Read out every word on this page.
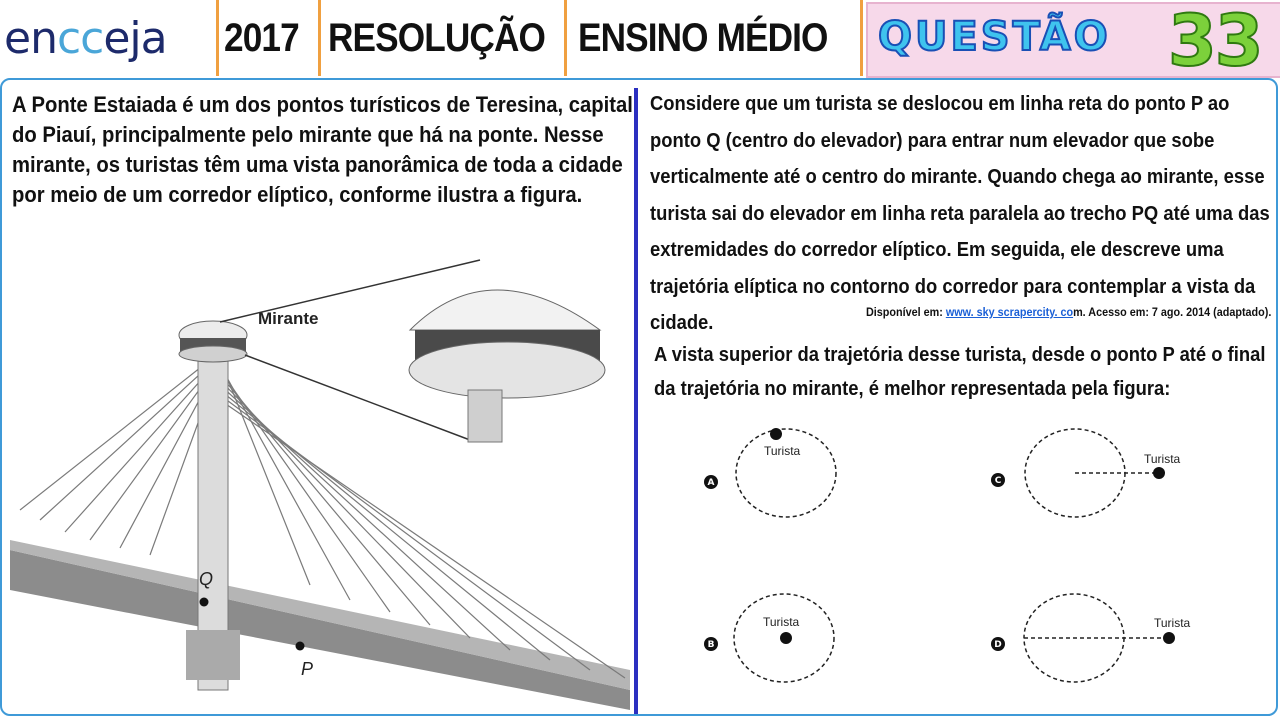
encceja	2017 RESOLUÇÃO ENSINO MÉDIO QUESTÃO 33
A Ponte Estaiada é um dos pontos turísticos de Teresina, capital do Piauí, principalmente pelo mirante que há na ponte. Nesse mirante, os turistas têm uma vista panorâmica de toda a cidade por meio de um corredor elíptico, conforme ilustra a figura.
Mirante
Q
P
Considere que um turista se deslocou em linha reta do ponto P ao ponto Q (centro do elevador) para entrar num elevador que sobe verticalmente até o centro do mirante. Quando chega ao mirante, esse turista sai do elevador em linha reta paralela ao trecho PQ até uma das extremidades do corredor elíptico. Em seguida, ele descreve uma trajetória elíptica no contorno do corredor para contemplar a vista da cidade.	Disponível em: www. sky scrapercity. com. Acesso em: 7 ago. 2014 (adaptado).
A vista superior da trajetória desse turista, desde o ponto P até o final da trajetória no mirante, é melhor representada pela figura:
A
Turista
B
Turista
C
Turista
D
Turista
